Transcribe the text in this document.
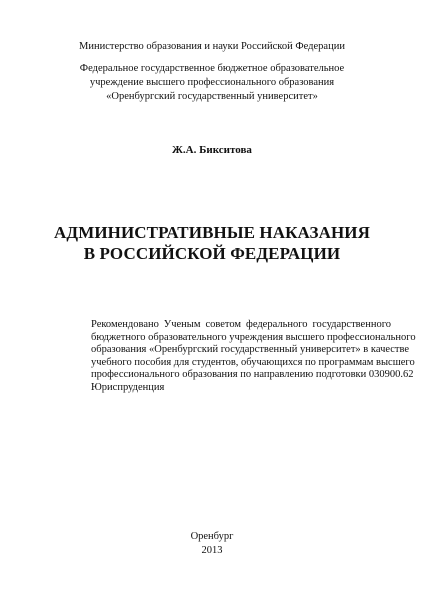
Министерство образования и науки Российской Федерации
Федеральное государственное бюджетное образовательное
учреждение высшего профессионального образования
«Оренбургский государственный университет»
Ж.А. Бикситова
АДМИНИСТРАТИВНЫЕ НАКАЗАНИЯ
В РОССИЙСКОЙ ФЕДЕРАЦИИ
Рекомендовано Ученым советом федерального государственного
бюджетного образовательного учреждения высшего профессионального
образования «Оренбургский государственный университет» в качестве
учебного пособия для студентов, обучающихся по программам высшего
профессионального образования по направлению подготовки 030900.62
Юриспруденция
Оренбург
2013
